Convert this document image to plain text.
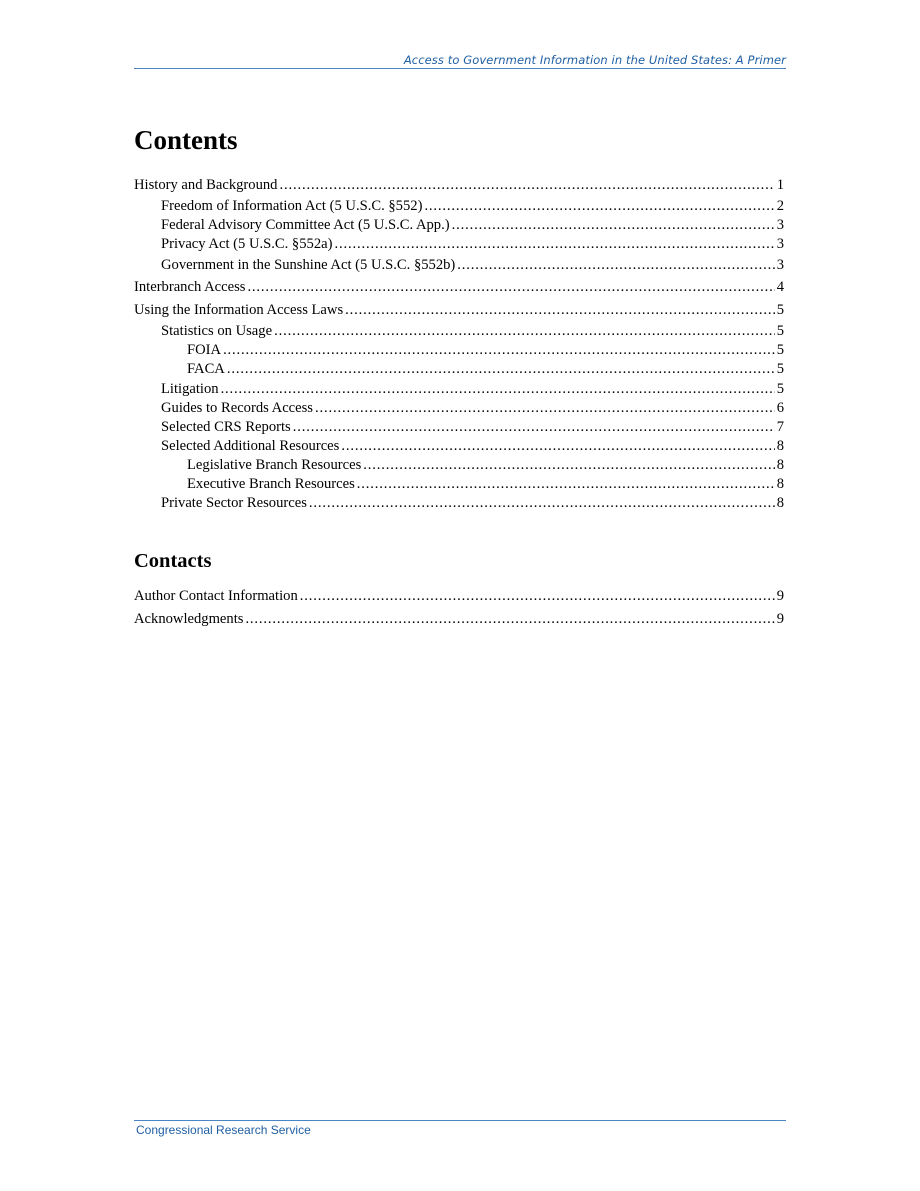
Access to Government Information in the United States: A Primer
Contents
History and Background . . .	1
Freedom of Information Act (5 U.S.C. §552) . . .	2
Federal Advisory Committee Act (5 U.S.C. App.) . . .	3
Privacy Act (5 U.S.C. §552a) . . .	3
Government in the Sunshine Act (5 U.S.C. §552b) . . .	3
Interbranch Access . . .	4
Using the Information Access Laws . . .	5
Statistics on Usage . . .	5
FOIA . . .	5
FACA . . .	5
Litigation . . .	5
Guides to Records Access . . .	6
Selected CRS Reports . . .	7
Selected Additional Resources . . .	8
Legislative Branch Resources . . .	8
Executive Branch Resources . . .	8
Private Sector Resources . . .	8
Contacts
Author Contact Information . . .	9
Acknowledgments . . .	9
Congressional Research Service
